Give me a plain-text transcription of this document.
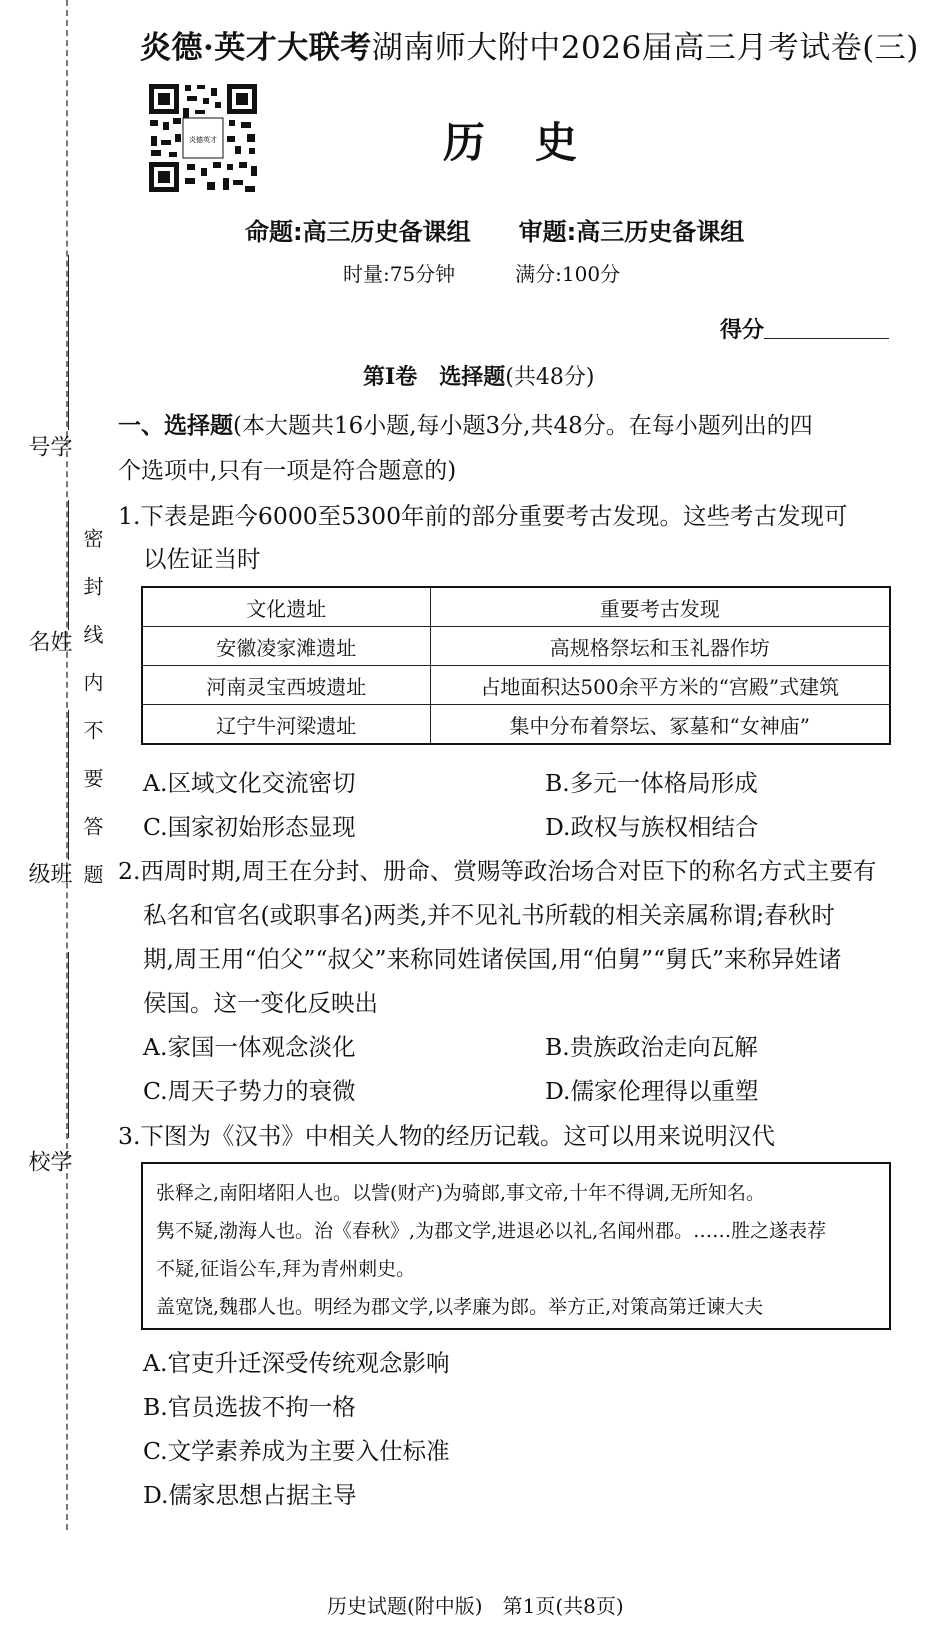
学号
姓名
班级
学校
密封线内不要答题
炎德·英才大联考湖南师大附中2026届高三月考试卷(三)
炎德英才	历史
命题:高三历史备课组　　审题:高三历史备课组
时量:75分钟　　　满分:100分
得分
第Ⅰ卷　选择题(共48分)
一、选择题(本大题共16小题,每小题3分,共48分。在每小题列出的四
个选项中,只有一项是符合题意的)
1.下表是距今6000至5300年前的部分重要考古发现。这些考古发现可
以佐证当时
文化遗址	重要考古发现
安徽凌家滩遗址	高规格祭坛和玉礼器作坊
河南灵宝西坡遗址	占地面积达500余平方米的“宫殿”式建筑
辽宁牛河梁遗址	集中分布着祭坛、冢墓和“女神庙”
A.区域文化交流密切	B.多元一体格局形成
C.国家初始形态显现	D.政权与族权相结合
2.西周时期,周王在分封、册命、赏赐等政治场合对臣下的称名方式主要有
私名和官名(或职事名)两类,并不见礼书所载的相关亲属称谓;春秋时
期,周王用“伯父”“叔父”来称同姓诸侯国,用“伯舅”“舅氏”来称异姓诸
侯国。这一变化反映出
A.家国一体观念淡化	B.贵族政治走向瓦解
C.周天子势力的衰微	D.儒家伦理得以重塑
3.下图为《汉书》中相关人物的经历记载。这可以用来说明汉代
张释之,南阳堵阳人也。以訾(财产)为骑郎,事文帝,十年不得调,无所知名。
隽不疑,渤海人也。治《春秋》,为郡文学,进退必以礼,名闻州郡。……胜之遂表荐
不疑,征诣公车,拜为青州刺史。
盖宽饶,魏郡人也。明经为郡文学,以孝廉为郎。举方正,对策高第迁谏大夫
A.官吏升迁深受传统观念影响
B.官员选拔不拘一格
C.文学素养成为主要入仕标准
D.儒家思想占据主导
历史试题(附中版)　第1页(共8页)
